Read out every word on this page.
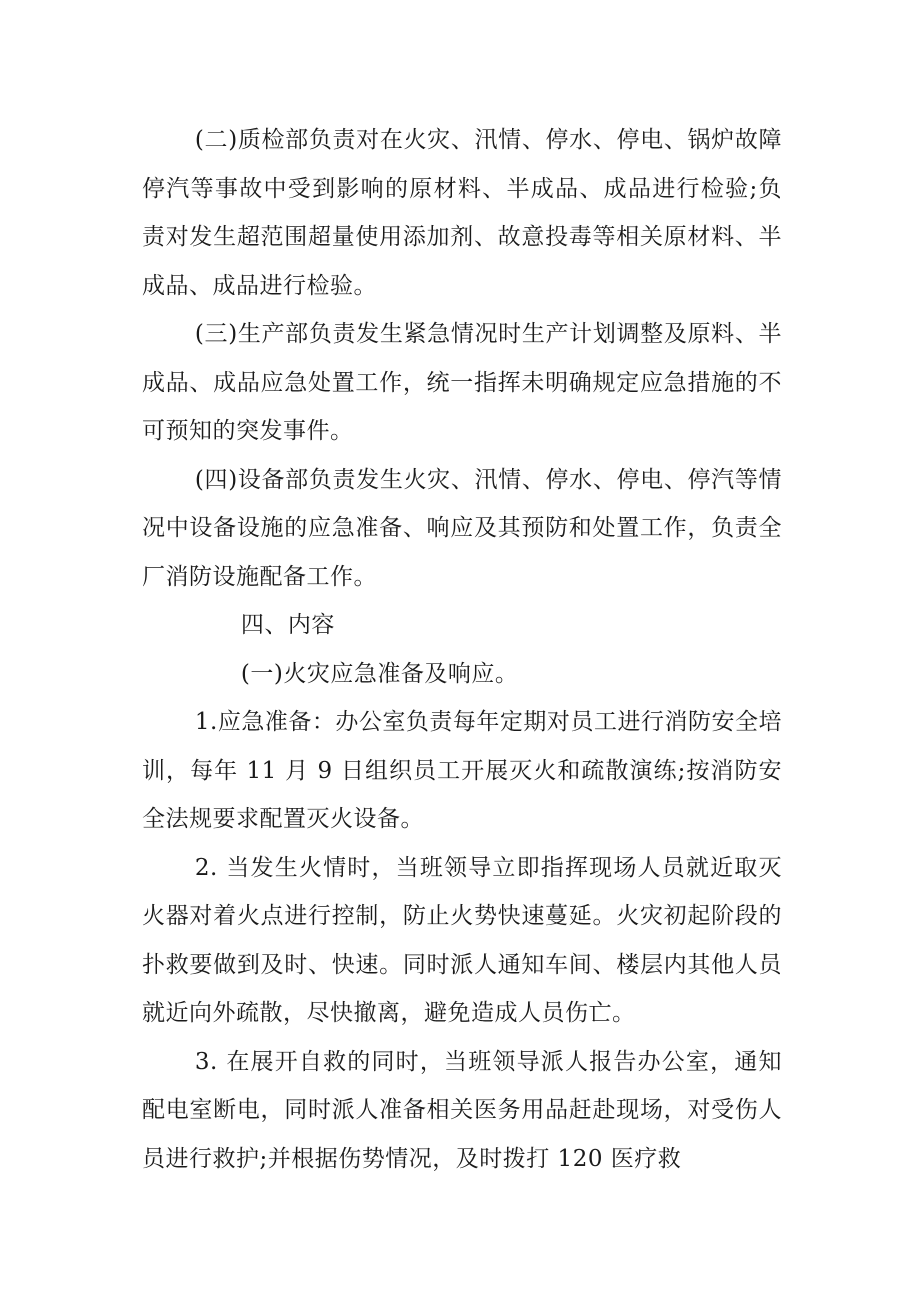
(二)质检部负责对在火灾、汛情、停水、停电、锅炉故障停汽等事故中受到影响的原材料、半成品、成品进行检验;负责对发生超范围超量使用添加剂、故意投毒等相关原材料、半成品、成品进行检验。

(三)生产部负责发生紧急情况时生产计划调整及原料、半成品、成品应急处置工作，统一指挥未明确规定应急措施的不可预知的突发事件。

(四)设备部负责发生火灾、汛情、停水、停电、停汽等情况中设备设施的应急准备、响应及其预防和处置工作，负责全厂消防设施配备工作。

四、内容

(一)火灾应急准备及响应。

1.应急准备：办公室负责每年定期对员工进行消防安全培训，每年 11 月 9 日组织员工开展灭火和疏散演练;按消防安全法规要求配置灭火设备。

2. 当发生火情时，当班领导立即指挥现场人员就近取灭火器对着火点进行控制，防止火势快速蔓延。火灾初起阶段的扑救要做到及时、快速。同时派人通知车间、楼层内其他人员就近向外疏散，尽快撤离，避免造成人员伤亡。

3. 在展开自救的同时，当班领导派人报告办公室，通知配电室断电，同时派人准备相关医务用品赶赴现场，对受伤人员进行救护;并根据伤势情况，及时拨打 120 医疗救
